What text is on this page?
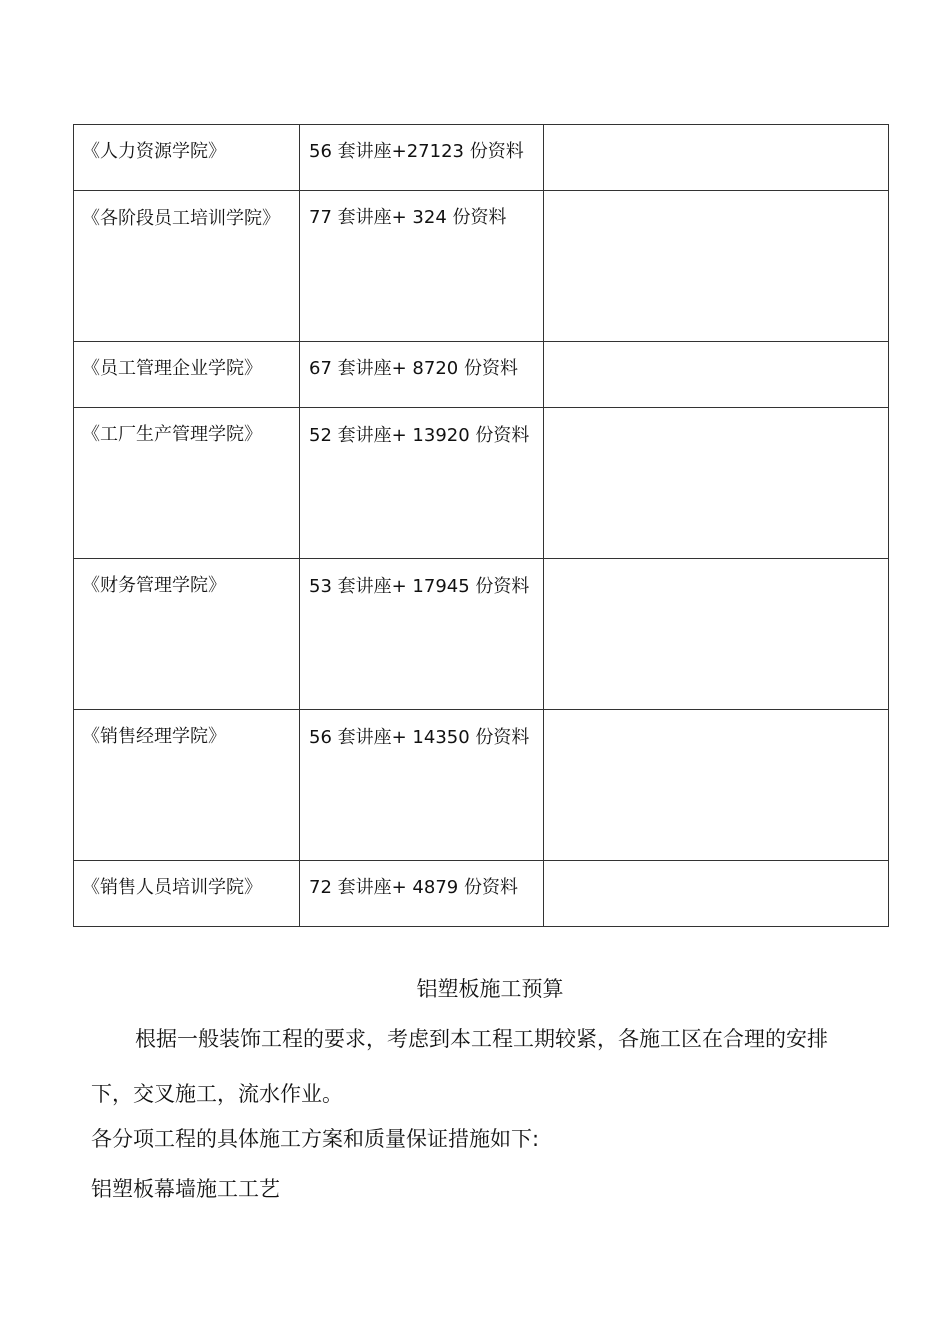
《人力资源学院》	56 套讲座+27123 份资料	

《各阶段员工培训学院》	77 套讲座+ 324 份资料	

《员工管理企业学院》	67 套讲座+ 8720 份资料	

《工厂生产管理学院》	52 套讲座+ 13920 份资料	

《财务管理学院》	53 套讲座+ 17945 份资料	

《销售经理学院》	56 套讲座+ 14350 份资料	

《销售人员培训学院》	72 套讲座+ 4879 份资料	
铝塑板施工预算
根据一般装饰工程的要求，考虑到本工程工期较紧，各施工区在合理的安排下，交叉施工，流水作业。
各分项工程的具体施工方案和质量保证措施如下:
铝塑板幕墙施工工艺
